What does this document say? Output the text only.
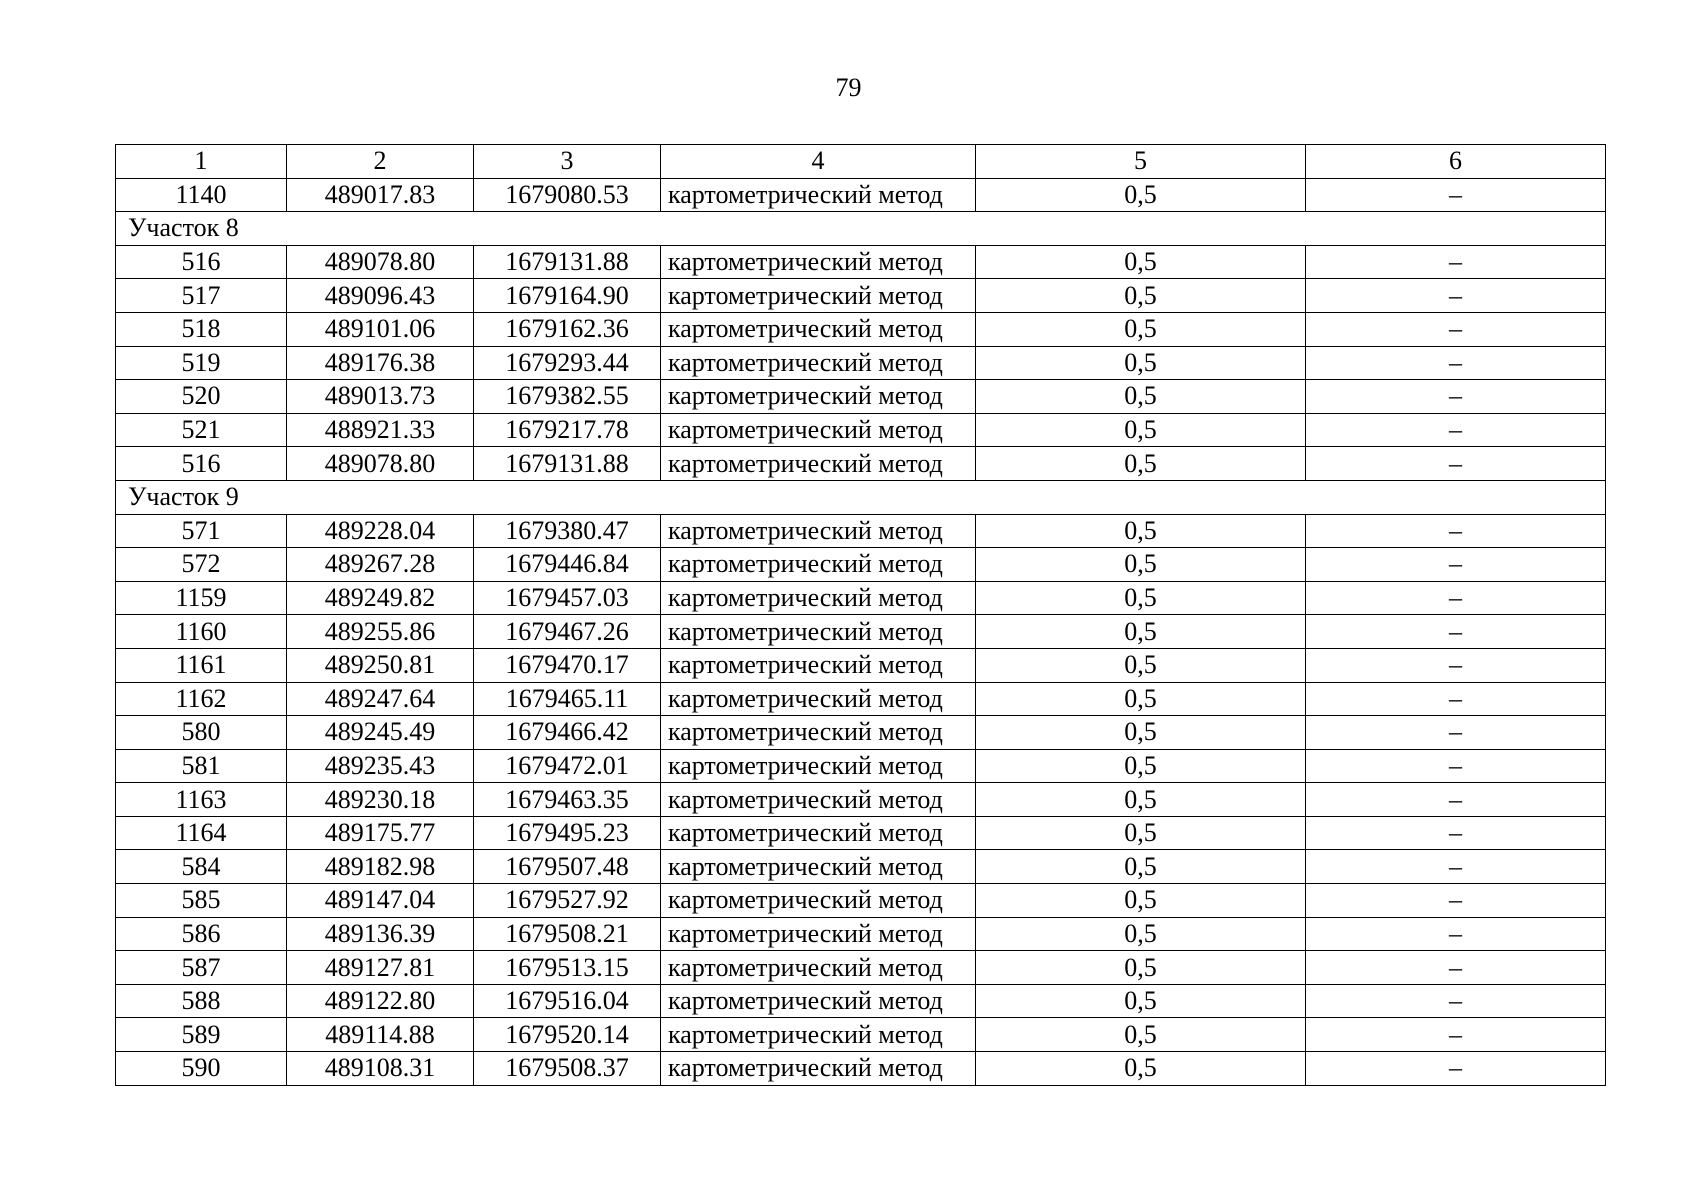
79
1	2	3	4	5	6
1140	489017.83	1679080.53	картометрический метод	0,5	–
Участок 8					
516	489078.80	1679131.88	картометрический метод	0,5	–
517	489096.43	1679164.90	картометрический метод	0,5	–
518	489101.06	1679162.36	картометрический метод	0,5	–
519	489176.38	1679293.44	картометрический метод	0,5	–
520	489013.73	1679382.55	картометрический метод	0,5	–
521	488921.33	1679217.78	картометрический метод	0,5	–
516	489078.80	1679131.88	картометрический метод	0,5	–
Участок 9					
571	489228.04	1679380.47	картометрический метод	0,5	–
572	489267.28	1679446.84	картометрический метод	0,5	–
1159	489249.82	1679457.03	картометрический метод	0,5	–
1160	489255.86	1679467.26	картометрический метод	0,5	–
1161	489250.81	1679470.17	картометрический метод	0,5	–
1162	489247.64	1679465.11	картометрический метод	0,5	–
580	489245.49	1679466.42	картометрический метод	0,5	–
581	489235.43	1679472.01	картометрический метод	0,5	–
1163	489230.18	1679463.35	картометрический метод	0,5	–
1164	489175.77	1679495.23	картометрический метод	0,5	–
584	489182.98	1679507.48	картометрический метод	0,5	–
585	489147.04	1679527.92	картометрический метод	0,5	–
586	489136.39	1679508.21	картометрический метод	0,5	–
587	489127.81	1679513.15	картометрический метод	0,5	–
588	489122.80	1679516.04	картометрический метод	0,5	–
589	489114.88	1679520.14	картометрический метод	0,5	–
590	489108.31	1679508.37	картометрический метод	0,5	–
